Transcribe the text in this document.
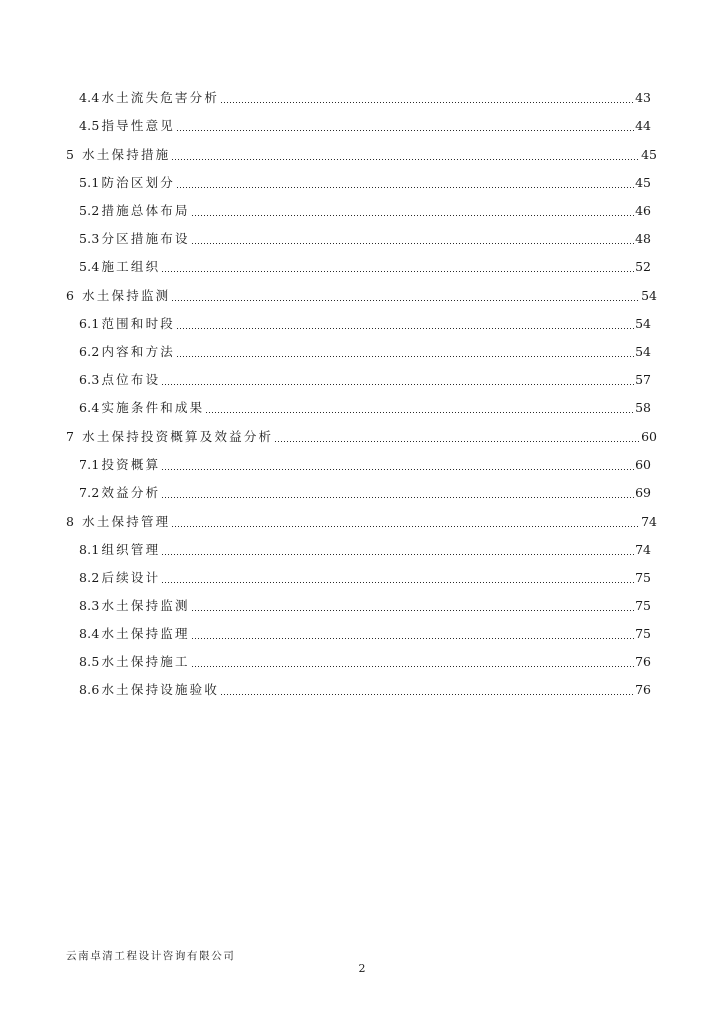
4.4 水土流失危害分析	43
4.5 指导性意见	44
5 水土保持措施	45
5.1 防治区划分	45
5.2 措施总体布局	46
5.3 分区措施布设	48
5.4 施工组织	52
6 水土保持监测	54
6.1 范围和时段	54
6.2 内容和方法	54
6.3 点位布设	57
6.4 实施条件和成果	58
7 水土保持投资概算及效益分析	60
7.1 投资概算	60
7.2 效益分析	69
8 水土保持管理	74
8.1 组织管理	74
8.2 后续设计	75
8.3 水土保持监测	75
8.4 水土保持监理	75
8.5 水土保持施工	76
8.6 水土保持设施验收	76
云南卓清工程设计咨询有限公司
2
